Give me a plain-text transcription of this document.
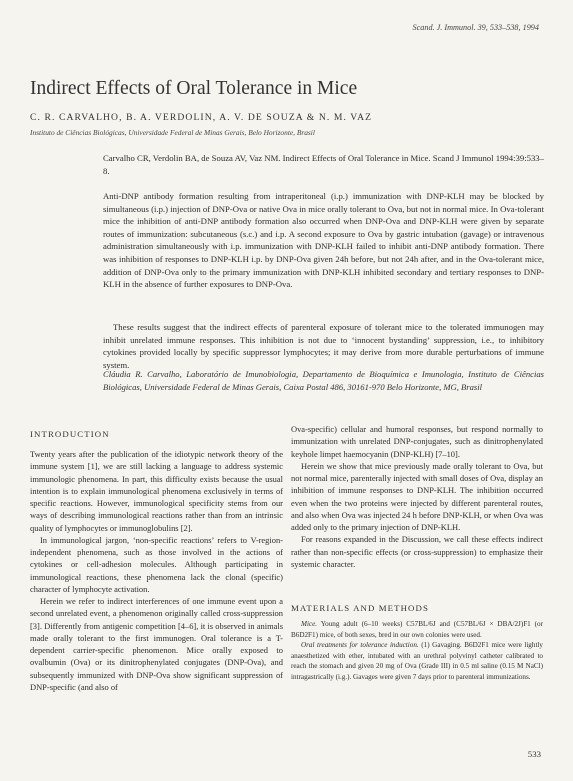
Scand. J. Immunol. 39, 533–538, 1994
Indirect Effects of Oral Tolerance in Mice
C. R. CARVALHO, B. A. VERDOLIN, A. V. DE SOUZA & N. M. VAZ
Instituto de Ciências Biológicas, Universidade Federal de Minas Gerais, Belo Horizonte, Brasil
Carvalho CR, Verdolin BA, de Souza AV, Vaz NM. Indirect Effects of Oral Tolerance in Mice. Scand J Immunol 1994:39:533–8.
Anti-DNP antibody formation resulting from intraperitoneal (i.p.) immunization with DNP-KLH may be blocked by simultaneous (i.p.) injection of DNP-Ova or native Ova in mice orally tolerant to Ova, but not in normal mice. In Ova-tolerant mice the inhibition of anti-DNP antibody formation also occurred when DNP-Ova and DNP-KLH were given by separate routes of immunization: subcutaneous (s.c.) and i.p. A second exposure to Ova by gastric intubation (gavage) or intravenous administration simultaneously with i.p. immunization with DNP-KLH failed to inhibit anti-DNP antibody formation. There was inhibition of responses to DNP-KLH i.p. by DNP-Ova given 24h before, but not 24h after, and in the Ova-tolerant mice, addition of DNP-Ova only to the primary immunization with DNP-KLH inhibited secondary and tertiary responses to DNP-KLH in the absence of further exposures to DNP-Ova.
These results suggest that the indirect effects of parenteral exposure of tolerant mice to the tolerated immunogen may inhibit unrelated immune responses. This inhibition is not due to ‘innocent bystanding’ suppression, i.e., to inhibitory cytokines provided locally by specific suppressor lymphocytes; it may derive from more durable perturbations of immune system.
Cláudia R. Carvalho, Laboratório de Imunobiologia, Departamento de Bioquímica e Imunologia, Instituto de Ciências Biológicas, Universidade Federal de Minas Gerais, Caixa Postal 486, 30161-970 Belo Horizonte, MG, Brasil
INTRODUCTION

Twenty years after the publication of the idiotypic network theory of the immune system [1], we are still lacking a language to address systemic immunologic phenomena. In part, this difficulty exists because the usual intention is to explain immunological phenomena exclusively in terms of specific reactions. However, immunological specificity stems from our ways of describing immunological reactions rather than from an intrinsic quality of lymphocytes or immunoglobulins [2].

In immunological jargon, ‘non-specific reactions’ refers to V-region-independent phenomena, such as those involved in the actions of cytokines or cell-adhesion molecules. Although participating in immunological reactions, these phenomena lack the clonal (specific) character of lymphocyte activation.

Herein we refer to indirect interferences of one immune event upon a second unrelated event, a phenomenon originally called cross-suppression [3]. Differently from antigenic competition [4–6], it is observed in animals made orally tolerant to the first immunogen. Oral tolerance is a T-dependent carrier-specific phenomenon. Mice orally exposed to ovalbumin (Ova) or its dinitrophenylated conjugates (DNP-Ova), and subsequently immunized with DNP-Ova show significant suppression of DNP-specific (and also of

Ova-specific) cellular and humoral responses, but respond normally to immunization with unrelated DNP-conjugates, such as dinitrophenylated keyhole limpet haemocyanin (DNP-KLH) [7–10].

Herein we show that mice previously made orally tolerant to Ova, but not normal mice, parenterally injected with small doses of Ova, display an inhibition of immune responses to DNP-KLH. The inhibition occurred even when the two proteins were injected by different parenteral routes, and also when Ova was injected 24 h before DNP-KLH, or when Ova was added only to the primary injection of DNP-KLH.

For reasons expanded in the Discussion, we call these effects indirect rather than non-specific effects (or cross-suppression) to emphasize their systemic character.

MATERIALS AND METHODS

Mice. Young adult (6–10 weeks) C57BL/6J and (C57BL/6J × DBA/2J)F1 (or B6D2F1) mice, of both sexes, bred in our own colonies were used.

Oral treatments for tolerance induction. (1) Gavaging. B6D2F1 mice were lightly anaesthetized with ether, intubated with an urethral polyvinyl catheter calibrated to reach the stomach and given 20 mg of Ova (Grade III) in 0.5 ml saline (0.15 M NaCl) intragastrically (i.g.). Gavages were given 7 days prior to parenteral immunizations.

533
